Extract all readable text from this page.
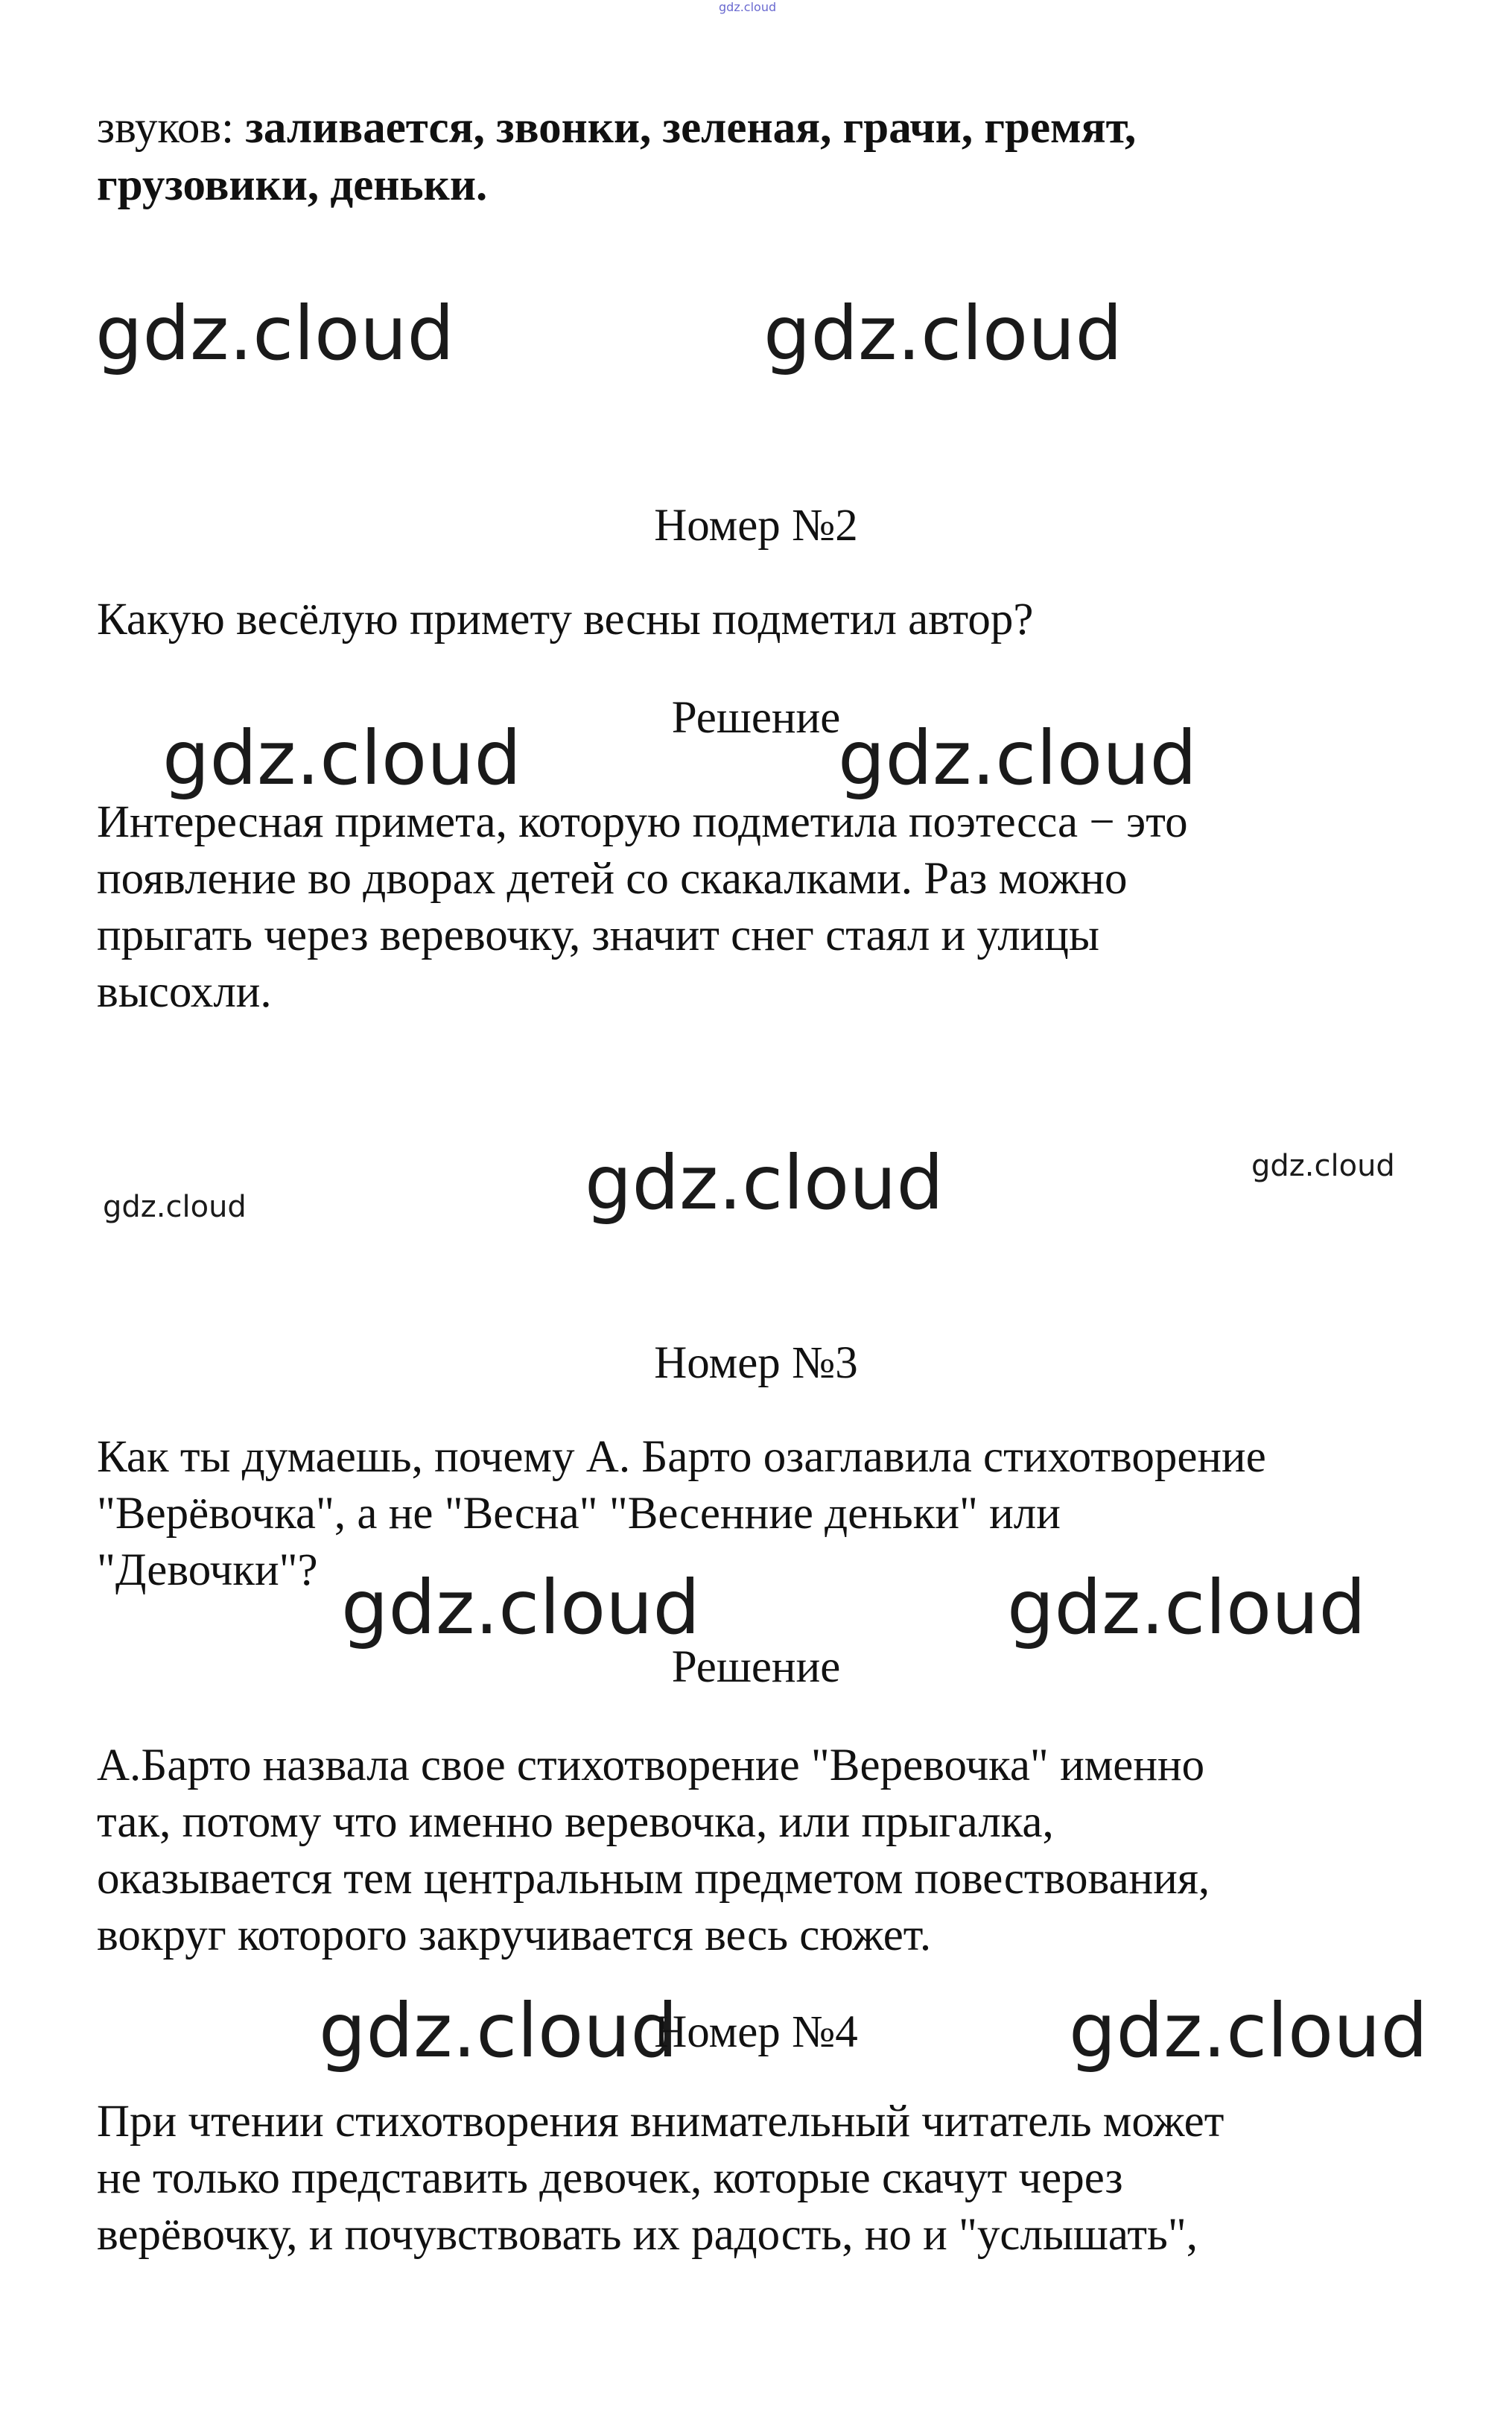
gdz.cloud

звуков: заливается, звонки, зеленая, грачи, гремят,

грузовики, деньки.

gdz.cloud	gdz.cloud

Номер №2

Какую весёлую примету весны подметил автор?

Решение

gdz.cloud	gdz.cloud

Интересная примета, которую подметила поэтесса − это

появление во дворах детей со скакалками. Раз можно

прыгать через веревочку, значит снег стаял и улицы

высохли.

gdz.cloud	gdz.cloud	gdz.cloud

Номер №3

Как ты думаешь, почему А. Барто озаглавила стихотворение

"Верёвочка", а не "Весна" "Весенние деньки" или

"Девочки"? gdz.cloud	gdz.cloud

Решение

А.Барто назвала свое стихотворение "Веревочка" именно

так, потому что именно веревочка, или прыгалка,

оказывается тем центральным предметом повествования,

вокруг которого закручивается весь сюжет.

gdz.cloud

Номер №4	gdz.cloud

При чтении стихотворения внимательный читатель может

не только представить девочек, которые скачут через

верёвочку, и почувствовать их радость, но и "услышать",
